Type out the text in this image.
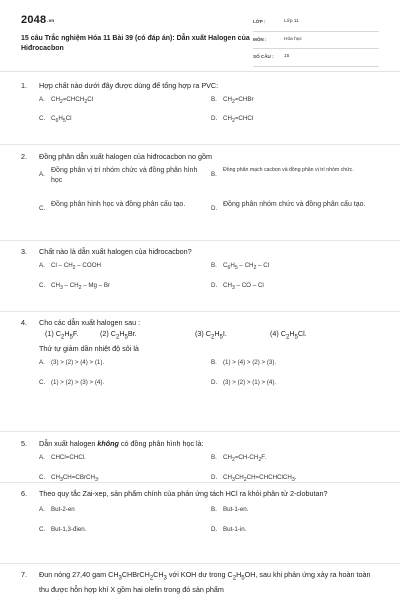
2048.vn
15 câu Trắc nghiệm Hóa 11 Bài 39 (có đáp án): Dẫn xuất Halogen của Hiđrocacbon
LỚP :	Lớp 11
MÔN :	Hóa học
SỐ CÂU : 15
1. Hợp chất nào dưới đây được dùng để tổng hợp ra PVC:
A. $CH_2=CHCH_2Cl$	B. $CH_2=CHBr$
C. $C_6H_5Cl$	D. $CH_2=CHCl$
2. Đồng phân dẫn xuất halogen của hiđrocacbon no gồm
A.
Đồng phân vị trí nhóm chức và đồng phân hình học
B.
Đồng phân mạch cacbon và đồng phân vị trí nhóm chức.
C.
Đồng phân hình học và đồng phân cấu tạo.
D.
Đồng phân nhóm chức và đồng phân cấu tạo.
3. Chất nào là dẫn xuất halogen của hiđrocacbon?
A. Cl – $CH_2$ – COOH	B. $C_6H_5 - CH_2$ – Cl
C. $CH_3 - CH_2$ – Mg – Br	D. $CH_3$ – CO – Cl
4. Cho các dẫn xuất halogen sau :
(1) $C_2H_5F$.	(2) $C_2H_5Br$.	(3) $C_2H_5I$.	(4) $C_2H_5Cl$.
Thứ tự giảm dần nhiệt độ sôi là
A. (3) > (2) > (4) > (1).	B. (1) > (4) > (2) > (3).
C. (1) > (2) > (3) > (4).	D. (3) > (2) > (1) > (4).
5. Dẫn xuất halogen không có đồng phân hình học là:
A. CHCl=CHCl.	B. $CH_2=CH-CH_2F$.
C. $CH_3CH=CBrCH_3$.	D. $CH_3CH_2CH=CHCHClCH_3$.
6. Theo quy tắc Zai-xep, sản phẩm chính của phản ứng tách HCl ra khỏi phân tử 2-clobutan?
A. But-2-en	B. But-1-en.
C. But-1,3-đien.	D. But-1-in.
7. Đun nóng 27,40 gam $CH_3CHBrCH_2CH_3$ với KOH dư trong $C_2H_5OH$, sau khi phản ứng xảy ra hoàn toàn thu được hỗn hợp khí X gồm hai olefin trong đó sản phẩm
